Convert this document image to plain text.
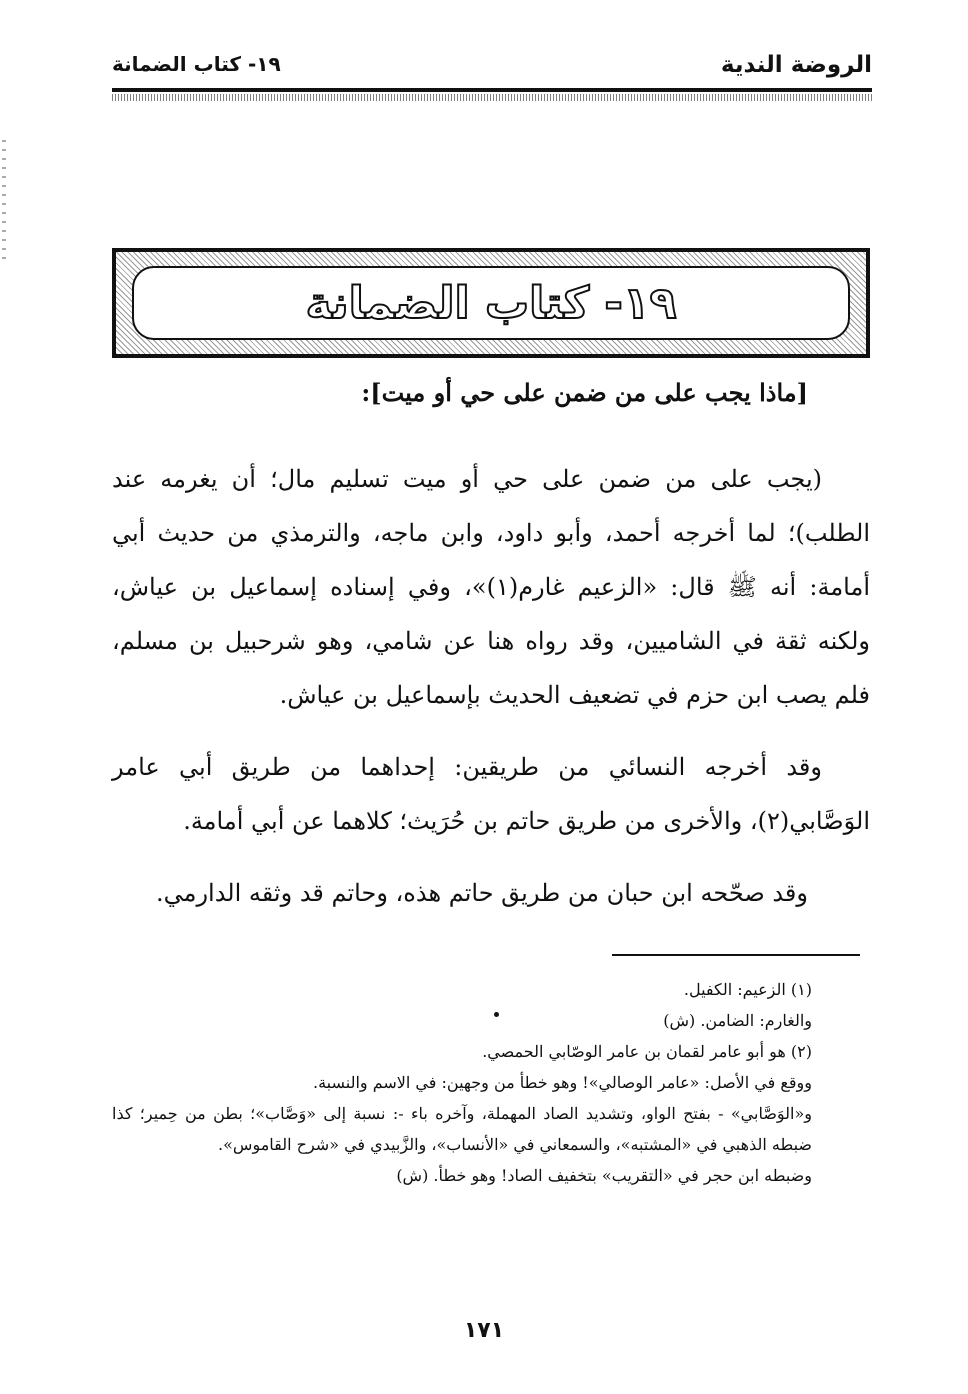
الروضة الندية
١٩- كتاب الضمانة
١٩- كتاب الضمانة
[ماذا يجب على من ضمن على حي أو ميت]:
(يجب على من ضمن على حي أو ميت تسليم مال؛ أن يغرمه عند الطلب)؛ لما أخرجه أحمد، وأبو داود، وابن ماجه، والترمذي من حديث أبي أمامة: أنه ﷺ قال: «الزعيم غارم(١)»، وفي إسناده إسماعيل بن عياش، ولكنه ثقة في الشاميين، وقد رواه هنا عن شامي، وهو شرحبيل بن مسلم، فلم يصب ابن حزم في تضعيف الحديث بإسماعيل بن عياش.
وقد أخرجه النسائي من طريقين: إحداهما من طريق أبي عامر الوَصَّابي(٢)، والأخرى من طريق حاتم بن حُرَيث؛ كلاهما عن أبي أمامة.
وقد صحّحه ابن حبان من طريق حاتم هذه، وحاتم قد وثقه الدارمي.

(١) الزعيم: الكفيل.

والغارم: الضامن. (ش)

(٢) هو أبو عامر لقمان بن عامر الوصّابي الحمصي.

ووقع في الأصل: «عامر الوصالي»! وهو خطأ من وجهين: في الاسم والنسبة.

و«الوَصَّابي» - بفتح الواو، وتشديد الصاد المهملة، وآخره باء -: نسبة إلى «وَصَّاب»؛ بطن من حِمير؛ كذا ضبطه الذهبي في «المشتبه»، والسمعاني في «الأنساب»، والزَّبيدي في «شرح القاموس».

وضبطه ابن حجر في «التقريب» بتخفيف الصاد! وهو خطأ. (ش)

١٧١
